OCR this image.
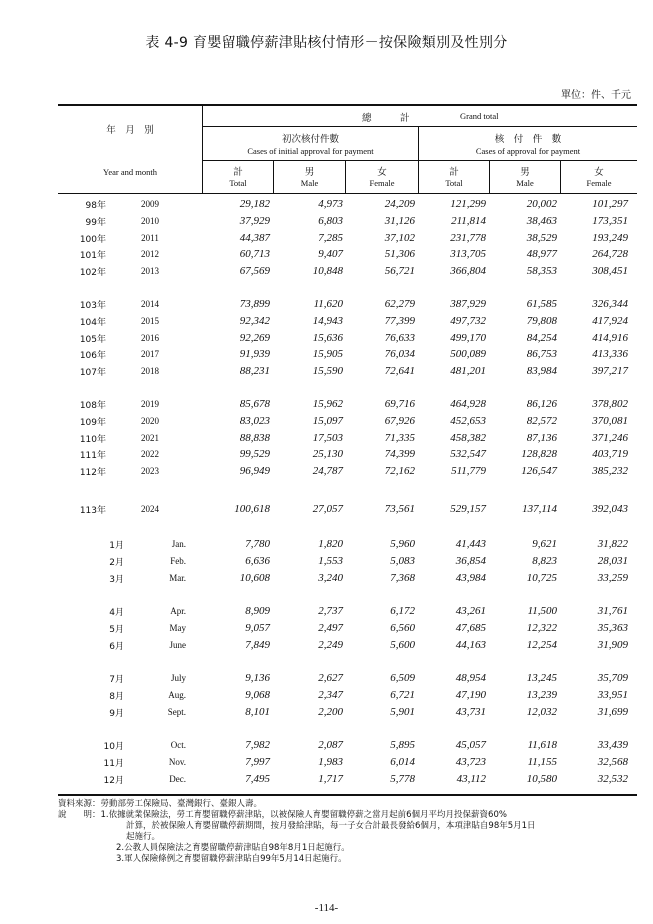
表 4-9 育嬰留職停薪津貼核付情形－按保險類別及性別分
單位：件、千元
年　月　別
Year and month
總　　　計	Grand total
初次核付件數
Cases of initial approval for payment
核　付　件　數
Cases of approval for payment
計
Total
男
Male
女
Female
計
Total
男
Male
女
Female
98年	2009	29,182	4,973	24,209	121,299	20,002	101,297
99年	2010	37,929	6,803	31,126	211,814	38,463	173,351
100年	2011	44,387	7,285	37,102	231,778	38,529	193,249
101年	2012	60,713	9,407	51,306	313,705	48,977	264,728
102年	2013	67,569	10,848	56,721	366,804	58,353	308,451
103年	2014	73,899	11,620	62,279	387,929	61,585	326,344
104年	2015	92,342	14,943	77,399	497,732	79,808	417,924
105年	2016	92,269	15,636	76,633	499,170	84,254	414,916
106年	2017	91,939	15,905	76,034	500,089	86,753	413,336
107年	2018	88,231	15,590	72,641	481,201	83,984	397,217
108年	2019	85,678	15,962	69,716	464,928	86,126	378,802
109年	2020	83,023	15,097	67,926	452,653	82,572	370,081
110年	2021	88,838	17,503	71,335	458,382	87,136	371,246
111年	2022	99,529	25,130	74,399	532,547	128,828	403,719
112年	2023	96,949	24,787	72,162	511,779	126,547	385,232
113年	2024	100,618	27,057	73,561	529,157	137,114	392,043
1月	Jan.	7,780	1,820	5,960	41,443	9,621	31,822
2月	Feb.	6,636	1,553	5,083	36,854	8,823	28,031
3月	Mar.	10,608	3,240	7,368	43,984	10,725	33,259
4月	Apr.	8,909	2,737	6,172	43,261	11,500	31,761
5月	May	9,057	2,497	6,560	47,685	12,322	35,363
6月	June	7,849	2,249	5,600	44,163	12,254	31,909
7月	July	9,136	2,627	6,509	48,954	13,245	35,709
8月	Aug.	9,068	2,347	6,721	47,190	13,239	33,951
9月	Sept.	8,101	2,200	5,901	43,731	12,032	31,699
10月	Oct.	7,982	2,087	5,895	45,057	11,618	33,439
11月	Nov.	7,997	1,983	6,014	43,723	11,155	32,568
12月	Dec.	7,495	1,717	5,778	43,112	10,580	32,532
資料來源：勞動部勞工保險局、臺灣銀行、臺銀人壽。
說　　明：1.依據就業保險法，勞工育嬰留職停薪津貼，以被保險人育嬰留職停薪之當月起前6個月平均月投保薪資60%
計算，於被保險人育嬰留職停薪期間，按月發給津貼，每一子女合計最長發給6個月，本項津貼自98年5月1日
起施行。
2.公教人員保險法之育嬰留職停薪津貼自98年8月1日起施行。
3.軍人保險條例之育嬰留職停薪津貼自99年5月14日起施行。
-114-
